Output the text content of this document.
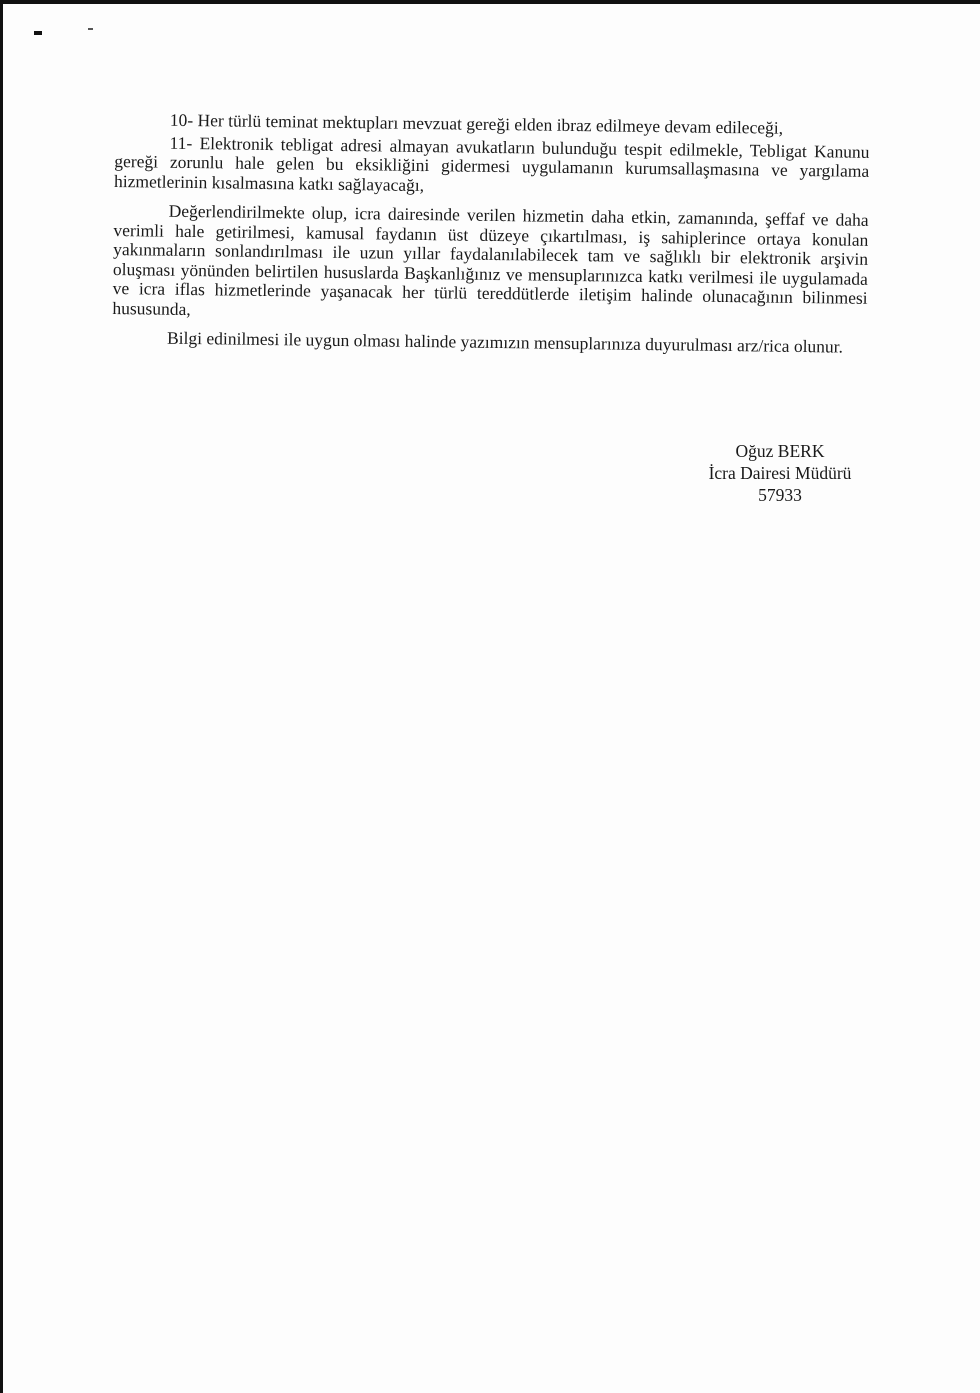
10- Her türlü teminat mektupları mevzuat gereği elden ibraz edilmeye devam edileceği,

11- Elektronik tebligat adresi almayan avukatların bulunduğu tespit edilmekle, Tebligat Kanunu gereği zorunlu hale gelen bu eksikliğini gidermesi uygulamanın kurumsallaşmasına ve yargılama hizmetlerinin kısalmasına katkı sağlayacağı,

Değerlendirilmekte olup, icra dairesinde verilen hizmetin daha etkin, zamanında, şeffaf ve daha verimli hale getirilmesi, kamusal faydanın üst düzeye çıkartılması, iş sahiplerince ortaya konulan yakınmaların sonlandırılması ile uzun yıllar faydalanılabilecek tam ve sağlıklı bir elektronik arşivin oluşması yönünden belirtilen hususlarda Başkanlığınız ve mensuplarınızca katkı verilmesi ile uygulamada ve icra iflas hizmetlerinde yaşanacak her türlü tereddütlerde iletişim halinde olunacağının bilinmesi hususunda,

Bilgi edinilmesi ile uygun olması halinde yazımızın mensuplarınıza duyurulması arz/rica olunur.

Oğuz BERK
İcra Dairesi Müdürü
57933
